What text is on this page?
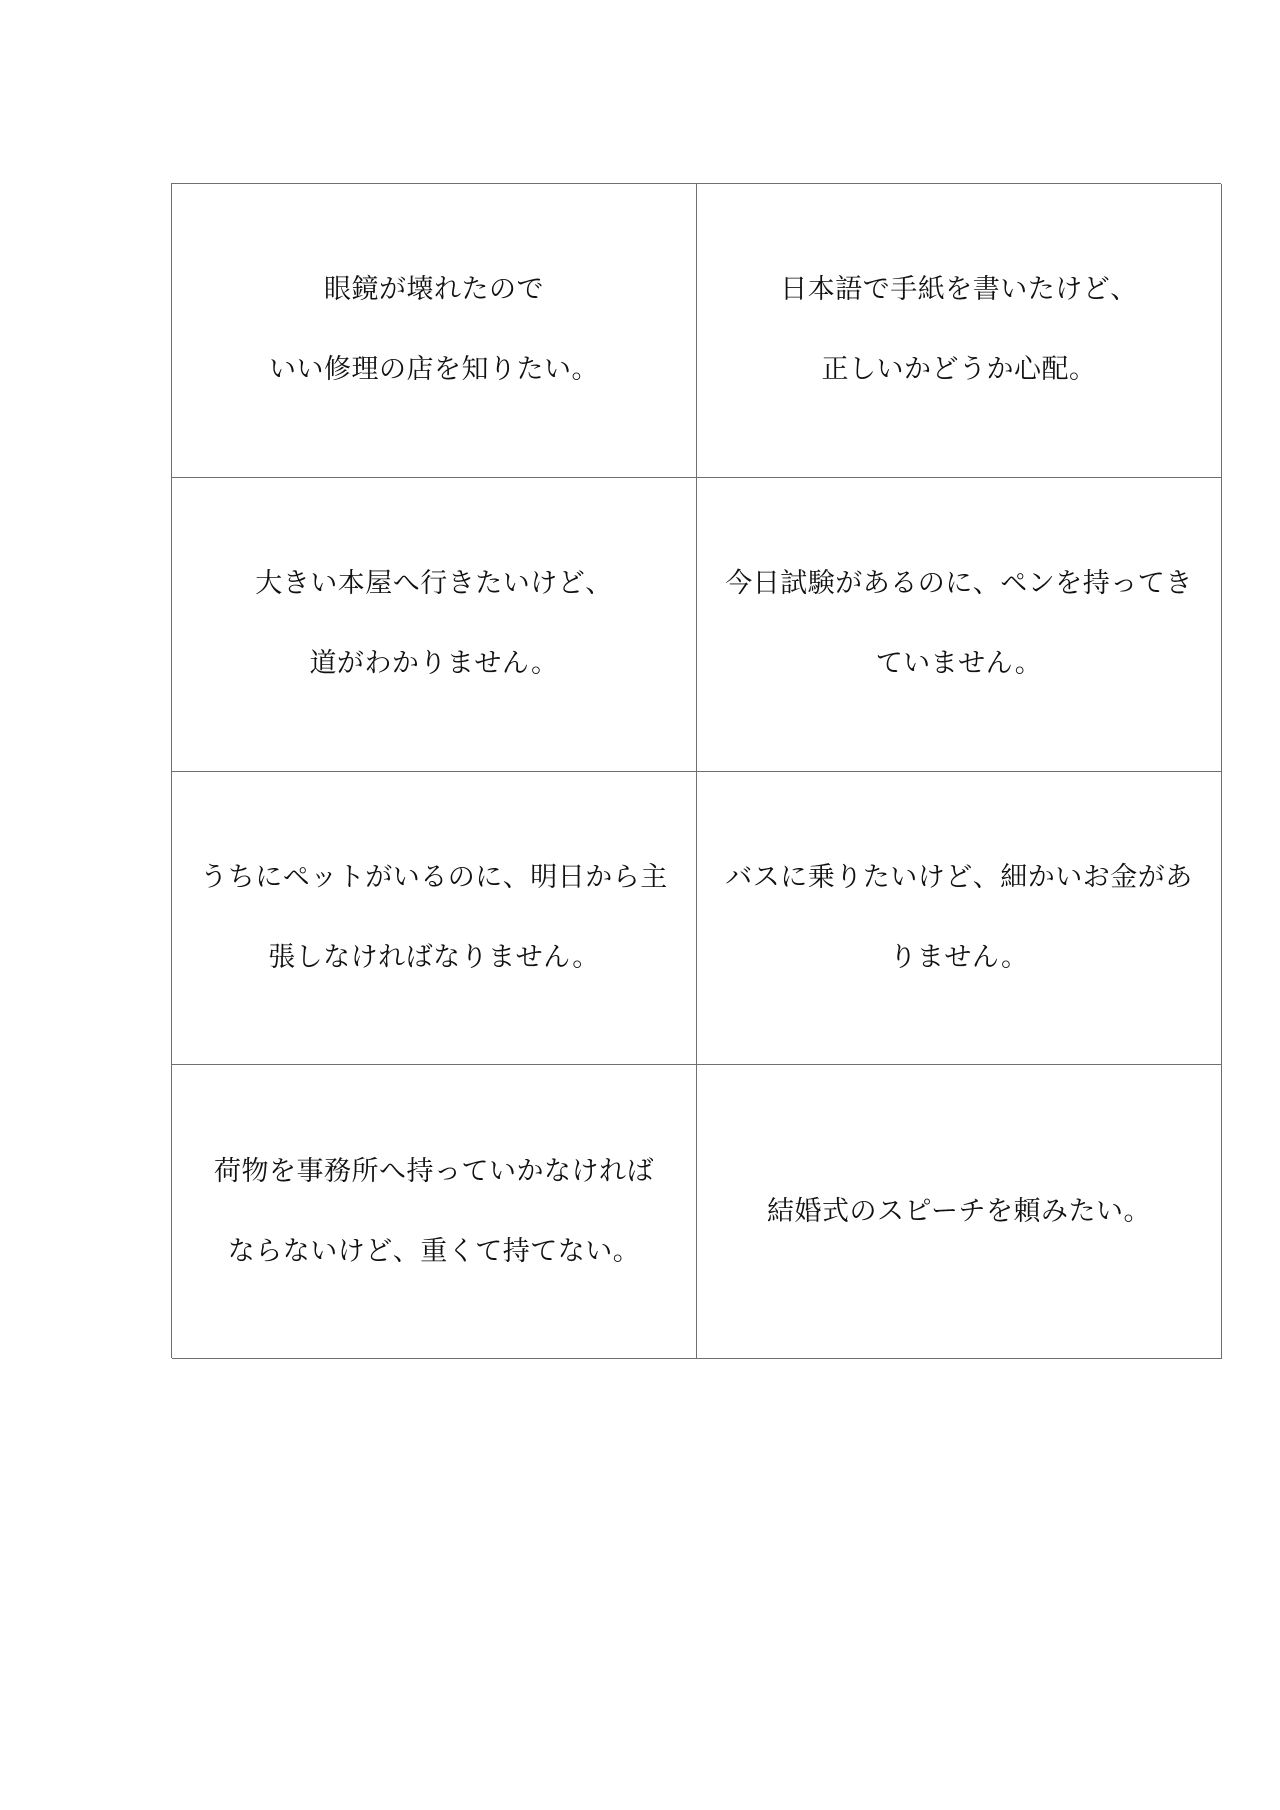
眼鏡が壊れたので
いい修理の店を知りたい。
日本語で手紙を書いたけど、
正しいかどうか心配。
大きい本屋へ行きたいけど、
道がわかりません。
今日試験があるのに、ペンを持ってき
ていません。
うちにペットがいるのに、明日から主
張しなければなりません。
バスに乗りたいけど、細かいお金があ
りません。
荷物を事務所へ持っていかなければ
ならないけど、重くて持てない。
結婚式のスピーチを頼みたい。
